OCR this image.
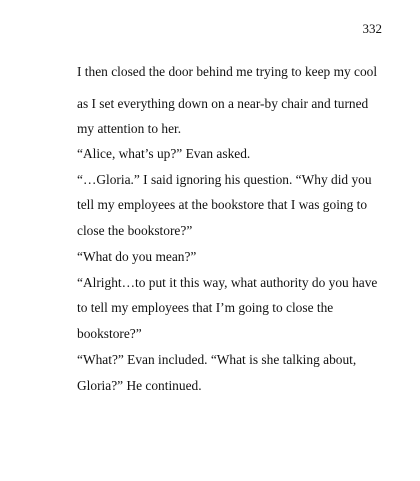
332

I then closed the door behind me trying to keep my cool

as I set everything down on a near-by chair and turned

my attention to her.

“Alice, what’s up?” Evan asked.

“…Gloria.” I said ignoring his question. “Why did you

tell my employees at the bookstore that I was going to

close the bookstore?”

“What do you mean?”

“Alright…to put it this way, what authority do you have

to tell my employees that I’m going to close the

bookstore?”

“What?” Evan included. “What is she talking about,

Gloria?” He continued.
